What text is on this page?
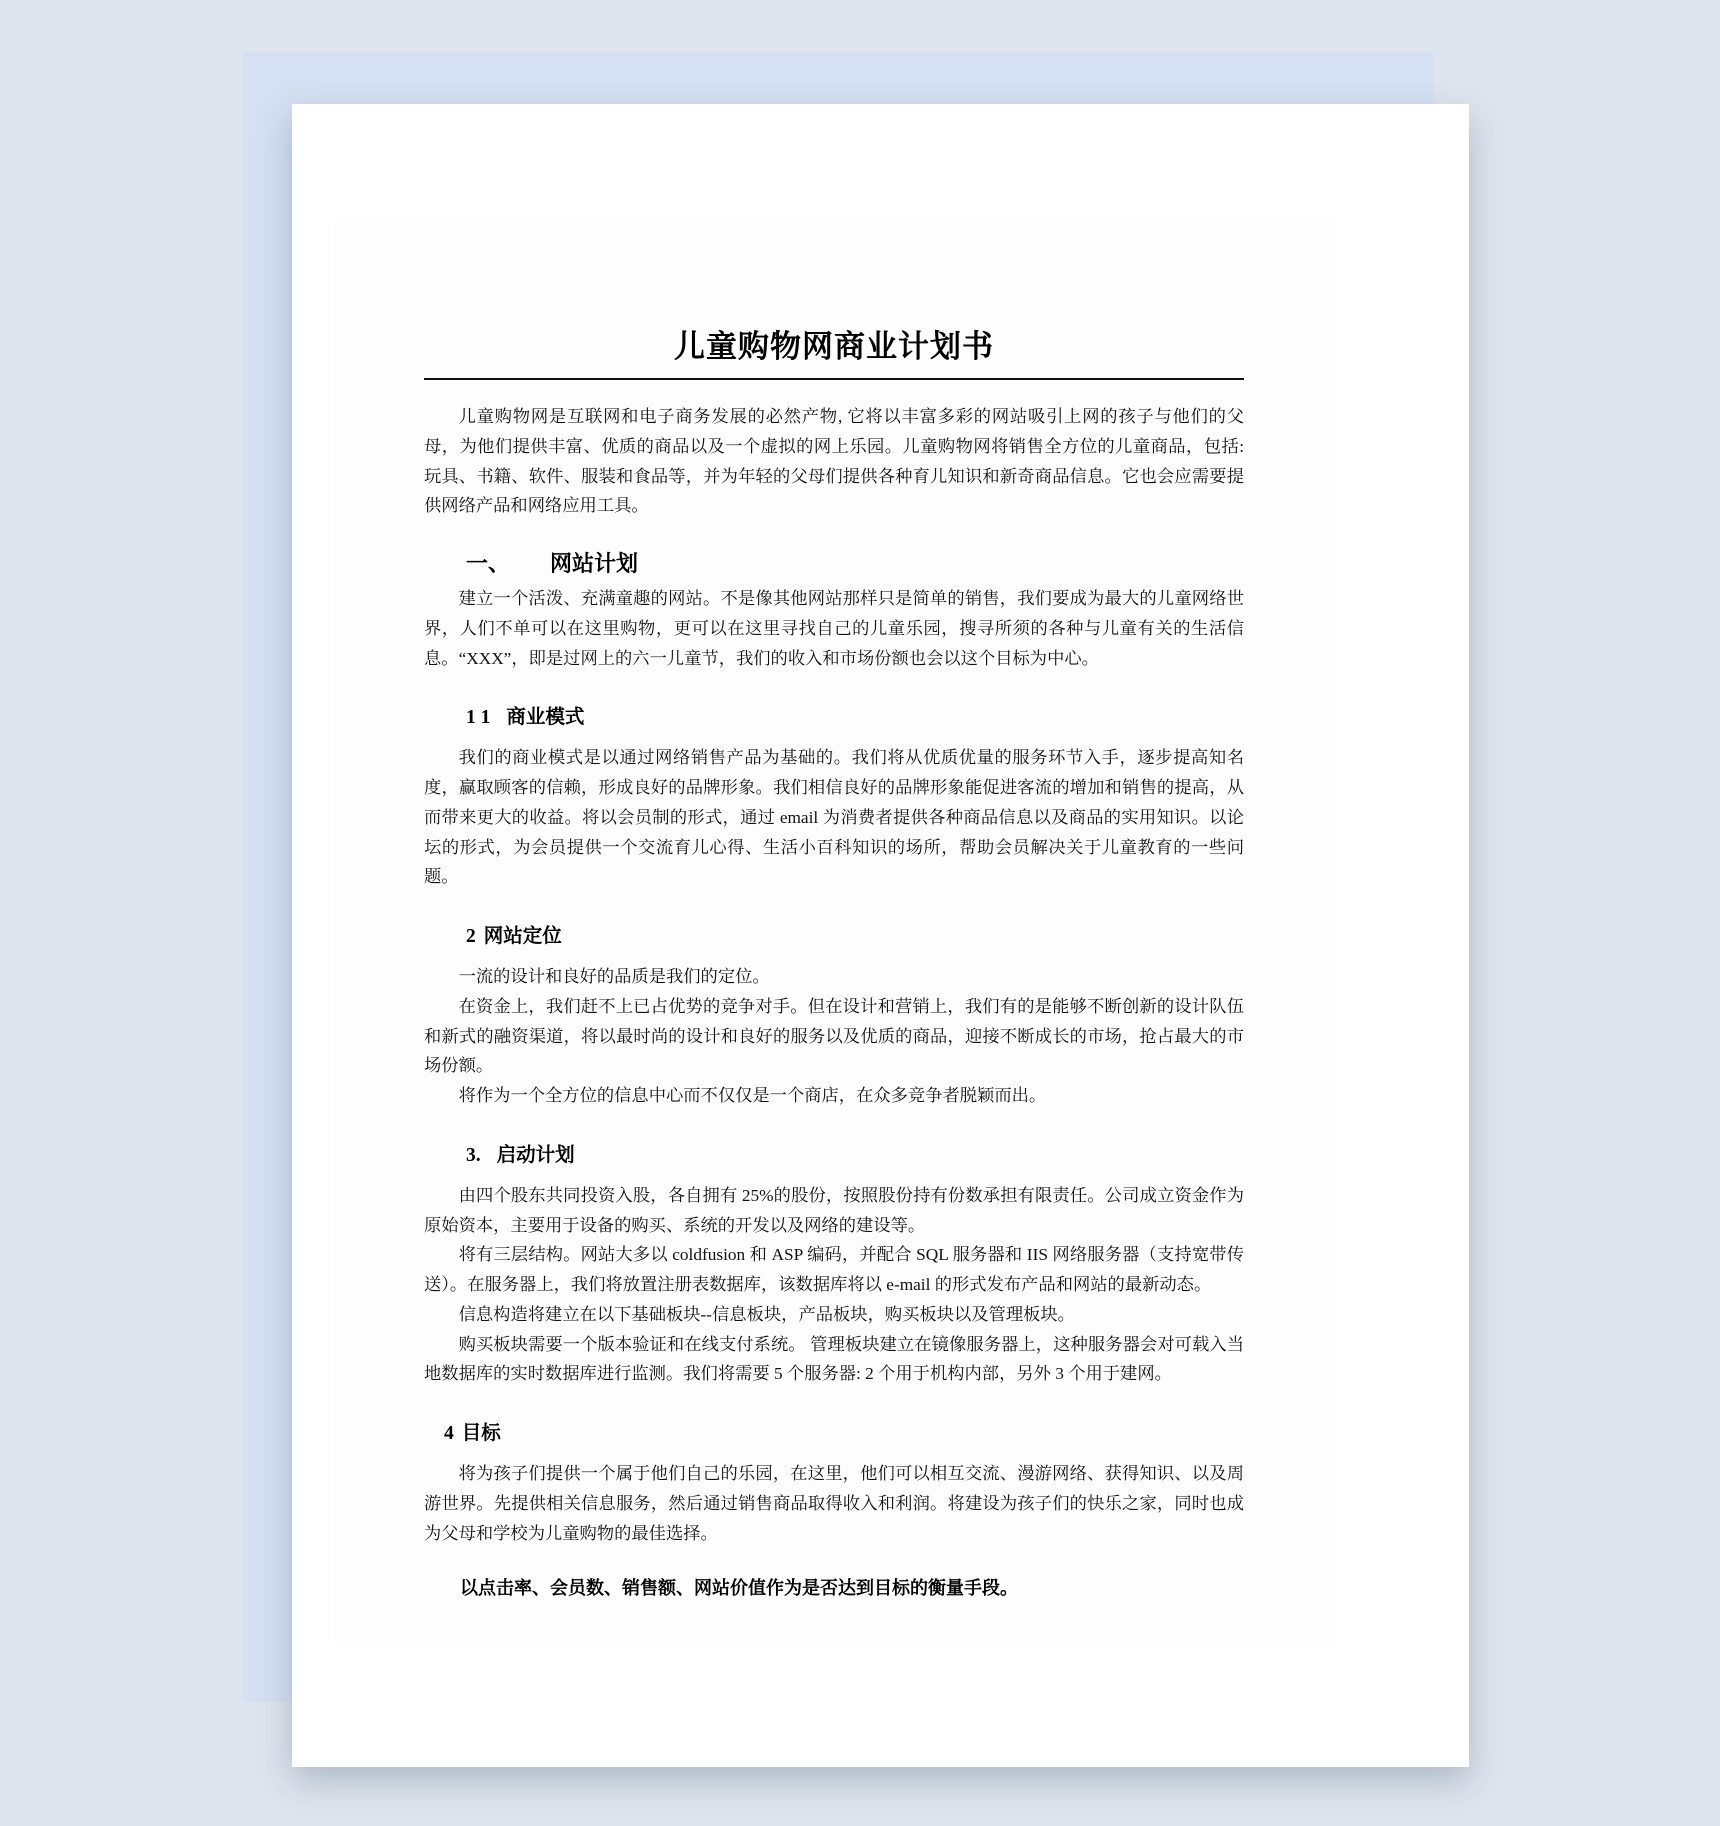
儿童购物网商业计划书

儿童购物网是互联网和电子商务发展的必然产物, 它将以丰富多彩的网站吸引上网的孩子与他们的父母，为他们提供丰富、优质的商品以及一个虚拟的网上乐园。儿童购物网将销售全方位的儿童商品，包括: 玩具、书籍、软件、服装和食品等，并为年轻的父母们提供各种育儿知识和新奇商品信息。它也会应需要提供网络产品和网络应用工具。

一、 网站计划

建立一个活泼、充满童趣的网站。不是像其他网站那样只是简单的销售，我们要成为最大的儿童网络世界，人们不单可以在这里购物，更可以在这里寻找自己的儿童乐园，搜寻所须的各种与儿童有关的生活信息。“XXX”，即是过网上的六一儿童节，我们的收入和市场份额也会以这个目标为中心。

1 1 商业模式

我们的商业模式是以通过网络销售产品为基础的。我们将从优质优量的服务环节入手，逐步提高知名度，赢取顾客的信赖，形成良好的品牌形象。我们相信良好的品牌形象能促进客流的增加和销售的提高，从而带来更大的收益。将以会员制的形式，通过 email 为消费者提供各种商品信息以及商品的实用知识。以论坛的形式，为会员提供一个交流育儿心得、生活小百科知识的场所，帮助会员解决关于儿童教育的一些问题。

2 网站定位

一流的设计和良好的品质是我们的定位。

在资金上，我们赶不上已占优势的竞争对手。但在设计和营销上，我们有的是能够不断创新的设计队伍和新式的融资渠道，将以最时尚的设计和良好的服务以及优质的商品，迎接不断成长的市场，抢占最大的市场份额。

将作为一个全方位的信息中心而不仅仅是一个商店，在众多竞争者脱颖而出。

3. 启动计划

由四个股东共同投资入股，各自拥有 25%的股份，按照股份持有份数承担有限责任。公司成立资金作为原始资本，主要用于设备的购买、系统的开发以及网络的建设等。

将有三层结构。网站大多以 coldfusion 和 ASP 编码，并配合 SQL 服务器和 IIS 网络服务器（支持宽带传送）。在服务器上，我们将放置注册表数据库，该数据库将以 e-mail 的形式发布产品和网站的最新动态。

信息构造将建立在以下基础板块--信息板块，产品板块，购买板块以及管理板块。

购买板块需要一个版本验证和在线支付系统。 管理板块建立在镜像服务器上，这种服务器会对可载入当地数据库的实时数据库进行监测。我们将需要 5 个服务器: 2 个用于机构内部，另外 3 个用于建网。

4 目标

将为孩子们提供一个属于他们自己的乐园，在这里，他们可以相互交流、漫游网络、获得知识、以及周游世界。先提供相关信息服务，然后通过销售商品取得收入和利润。将建设为孩子们的快乐之家，同时也成为父母和学校为儿童购物的最佳选择。

以点击率、会员数、销售额、网站价值作为是否达到目标的衡量手段。
